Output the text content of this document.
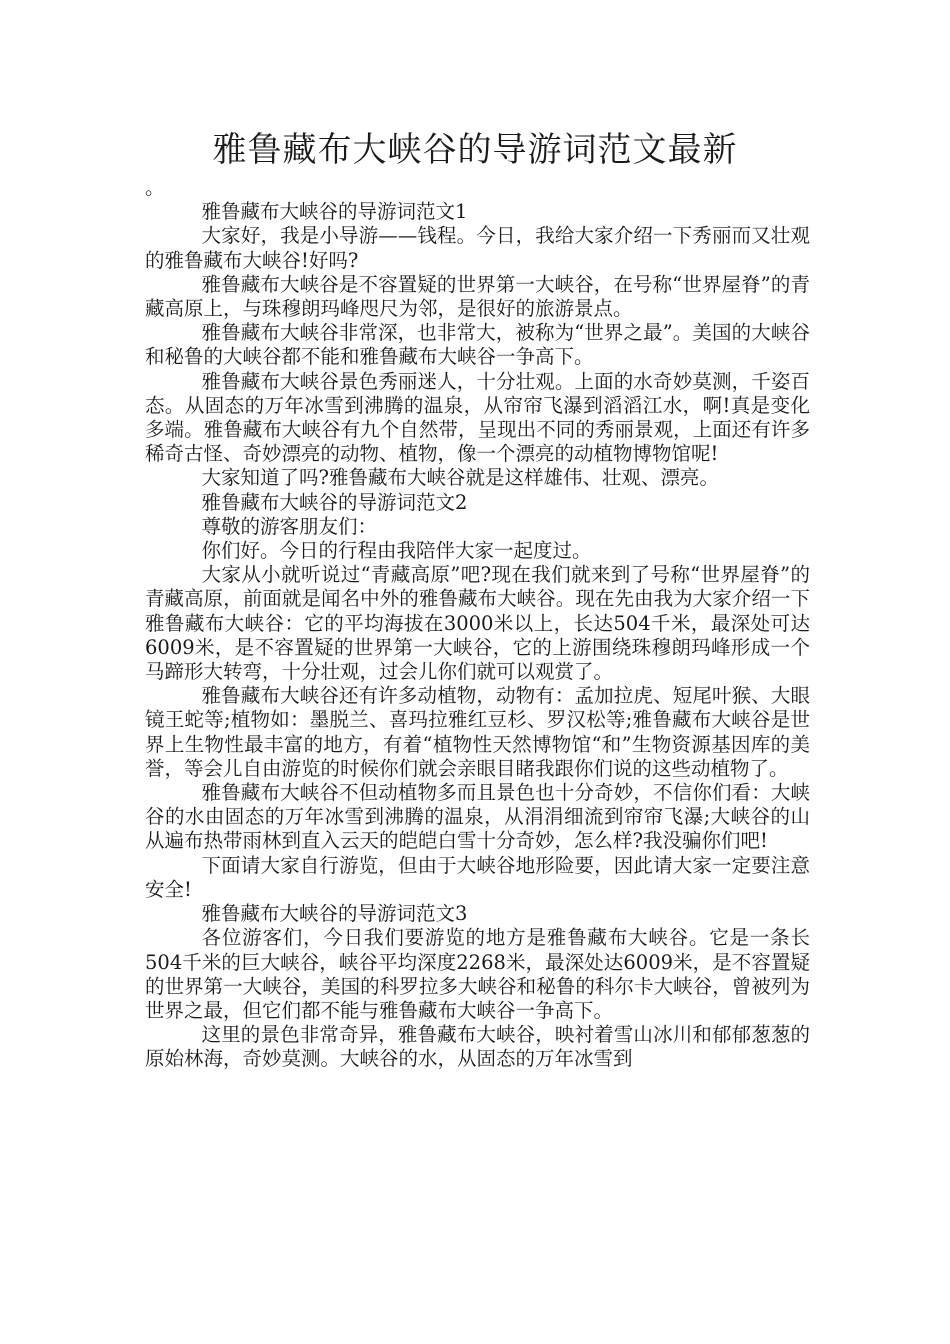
雅鲁藏布大峡谷的导游词范文最新

。

雅鲁藏布大峡谷的导游词范文1

大家好，我是小导游——钱程。今日，我给大家介绍一下秀丽而又壮观的雅鲁藏布大峡谷!好吗?

雅鲁藏布大峡谷是不容置疑的世界第一大峡谷，在号称“世界屋脊”的青藏高原上，与珠穆朗玛峰咫尺为邻，是很好的旅游景点。

雅鲁藏布大峡谷非常深，也非常大，被称为“世界之最”。美国的大峡谷和秘鲁的大峡谷都不能和雅鲁藏布大峡谷一争高下。

雅鲁藏布大峡谷景色秀丽迷人，十分壮观。上面的水奇妙莫测，千姿百态。从固态的万年冰雪到沸腾的温泉，从帘帘飞瀑到滔滔江水，啊!真是变化多端。雅鲁藏布大峡谷有九个自然带，呈现出不同的秀丽景观，上面还有许多稀奇古怪、奇妙漂亮的动物、植物，像一个漂亮的动植物博物馆呢!

大家知道了吗?雅鲁藏布大峡谷就是这样雄伟、壮观、漂亮。

雅鲁藏布大峡谷的导游词范文2

尊敬的游客朋友们：

你们好。今日的行程由我陪伴大家一起度过。

大家从小就听说过“青藏高原”吧?现在我们就来到了号称“世界屋脊”的青藏高原，前面就是闻名中外的雅鲁藏布大峡谷。现在先由我为大家介绍一下雅鲁藏布大峡谷：它的平均海拔在3000米以上，长达504千米，最深处可达6009米，是不容置疑的世界第一大峡谷，它的上游围绕珠穆朗玛峰形成一个马蹄形大转弯，十分壮观，过会儿你们就可以观赏了。

雅鲁藏布大峡谷还有许多动植物，动物有：孟加拉虎、短尾叶猴、大眼镜王蛇等;植物如：墨脱兰、喜玛拉雅红豆杉、罗汉松等;雅鲁藏布大峡谷是世界上生物性最丰富的地方，有着“植物性天然博物馆“和”生物资源基因库的美誉，等会儿自由游览的时候你们就会亲眼目睹我跟你们说的这些动植物了。

雅鲁藏布大峡谷不但动植物多而且景色也十分奇妙，不信你们看：大峡谷的水由固态的万年冰雪到沸腾的温泉，从涓涓细流到帘帘飞瀑;大峡谷的山从遍布热带雨林到直入云天的皑皑白雪十分奇妙，怎么样?我没骗你们吧!

下面请大家自行游览，但由于大峡谷地形险要，因此请大家一定要注意安全!

雅鲁藏布大峡谷的导游词范文3

各位游客们，今日我们要游览的地方是雅鲁藏布大峡谷。它是一条长504千米的巨大峡谷，峡谷平均深度2268米，最深处达6009米，是不容置疑的世界第一大峡谷，美国的科罗拉多大峡谷和秘鲁的科尔卡大峡谷，曾被列为世界之最，但它们都不能与雅鲁藏布大峡谷一争高下。

这里的景色非常奇异，雅鲁藏布大峡谷，映衬着雪山冰川和郁郁葱葱的原始林海，奇妙莫测。大峡谷的水，从固态的万年冰雪到
